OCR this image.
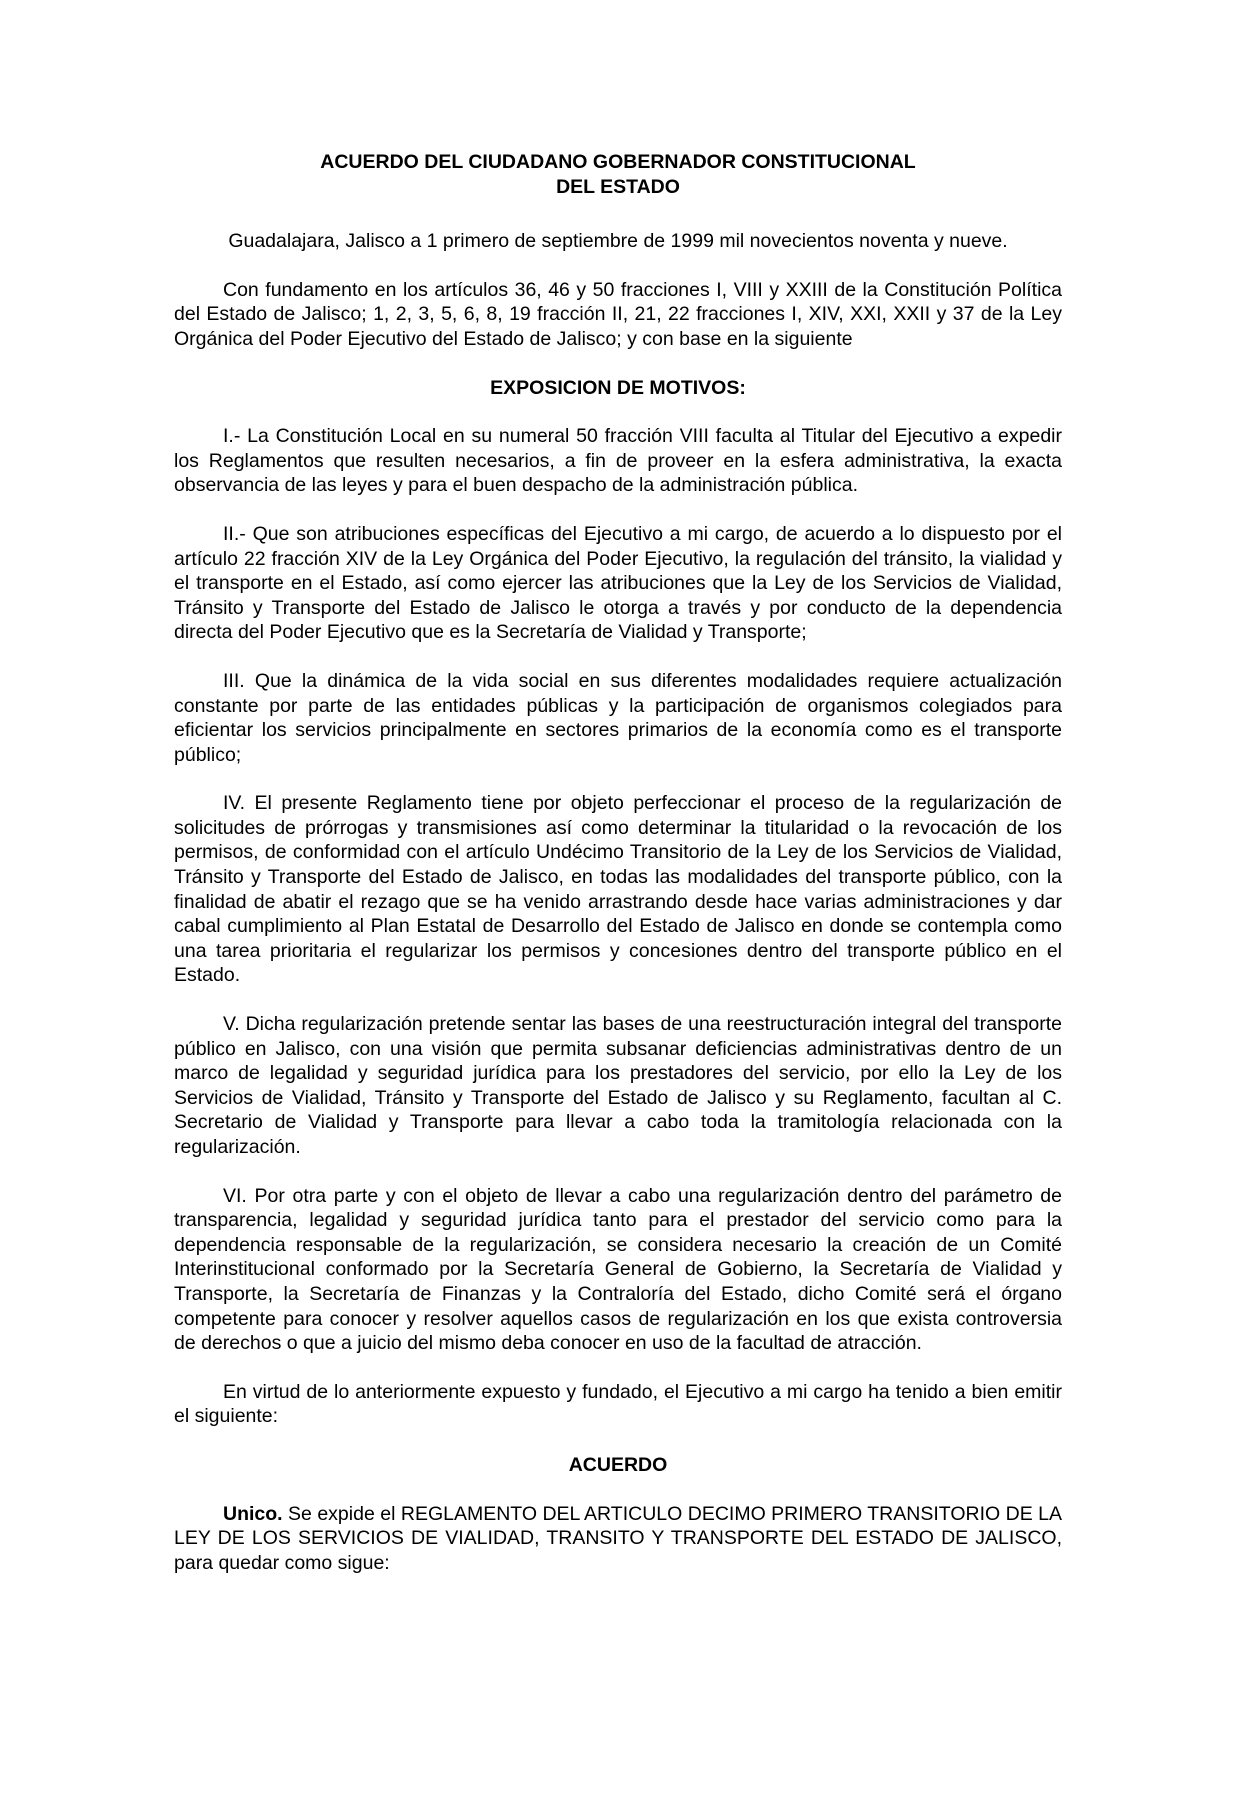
ACUERDO DEL CIUDADANO GOBERNADOR CONSTITUCIONAL
DEL ESTADO

Guadalajara, Jalisco a 1 primero de septiembre de 1999 mil novecientos noventa y nueve.

Con fundamento en los artículos 36, 46 y 50 fracciones I, VIII y XXIII de la Constitución Política del Estado de Jalisco; 1, 2, 3, 5, 6, 8, 19 fracción II, 21, 22 fracciones I, XIV, XXI, XXII y 37 de la Ley Orgánica del Poder Ejecutivo del Estado de Jalisco; y con base en la siguiente

EXPOSICION DE MOTIVOS:

I.- La Constitución Local en su numeral 50 fracción VIII faculta al Titular del Ejecutivo a expedir los Reglamentos que resulten necesarios, a fin de proveer en la esfera administrativa, la exacta observancia de las leyes y para el buen despacho de la administración pública.

II.- Que son atribuciones específicas del Ejecutivo a mi cargo, de acuerdo a lo dispuesto por el artículo 22 fracción XIV de la Ley Orgánica del Poder Ejecutivo, la regulación del tránsito, la vialidad y el transporte en el Estado, así como ejercer las atribuciones que la Ley de los Servicios de Vialidad, Tránsito y Transporte del Estado de Jalisco le otorga a través y por conducto de la dependencia directa del Poder Ejecutivo que es la Secretaría de Vialidad y Transporte;

III. Que la dinámica de la vida social en sus diferentes modalidades requiere actualización constante por parte de las entidades públicas y la participación de organismos colegiados para eficientar los servicios principalmente en sectores primarios de la economía como es el transporte público;

IV. El presente Reglamento tiene por objeto perfeccionar el proceso de la regularización de solicitudes de prórrogas y transmisiones así como determinar la titularidad o la revocación de los permisos, de conformidad con el artículo Undécimo Transitorio de la Ley de los Servicios de Vialidad, Tránsito y Transporte del Estado de Jalisco, en todas las modalidades del transporte público, con la finalidad de abatir el rezago que se ha venido arrastrando desde hace varias administraciones y dar cabal cumplimiento al Plan Estatal de Desarrollo del Estado de Jalisco en donde se contempla como una tarea prioritaria el regularizar los permisos y concesiones dentro del transporte público en el Estado.

V. Dicha regularización pretende sentar las bases de una reestructuración integral del transporte público en Jalisco, con una visión que permita subsanar deficiencias administrativas dentro de un marco de legalidad y seguridad jurídica para los prestadores del servicio, por ello la Ley de los Servicios de Vialidad, Tránsito y Transporte del Estado de Jalisco y su Reglamento, facultan al C. Secretario de Vialidad y Transporte para llevar a cabo toda la tramitología relacionada con la regularización.

VI. Por otra parte y con el objeto de llevar a cabo una regularización dentro del parámetro de transparencia, legalidad y seguridad jurídica tanto para el prestador del servicio como para la dependencia responsable de la regularización, se considera necesario la creación de un Comité Interinstitucional conformado por la Secretaría General de Gobierno, la Secretaría de Vialidad y Transporte, la Secretaría de Finanzas y la Contraloría del Estado, dicho Comité será el órgano competente para conocer y resolver aquellos casos de regularización en los que exista controversia de derechos o que a juicio del mismo deba conocer en uso de la facultad de atracción.

En virtud de lo anteriormente expuesto y fundado, el Ejecutivo a mi cargo ha tenido a bien emitir el siguiente:

ACUERDO

Unico. Se expide el REGLAMENTO DEL ARTICULO DECIMO PRIMERO TRANSITORIO DE LA LEY DE LOS SERVICIOS DE VIALIDAD, TRANSITO Y TRANSPORTE DEL ESTADO DE JALISCO, para quedar como sigue:
